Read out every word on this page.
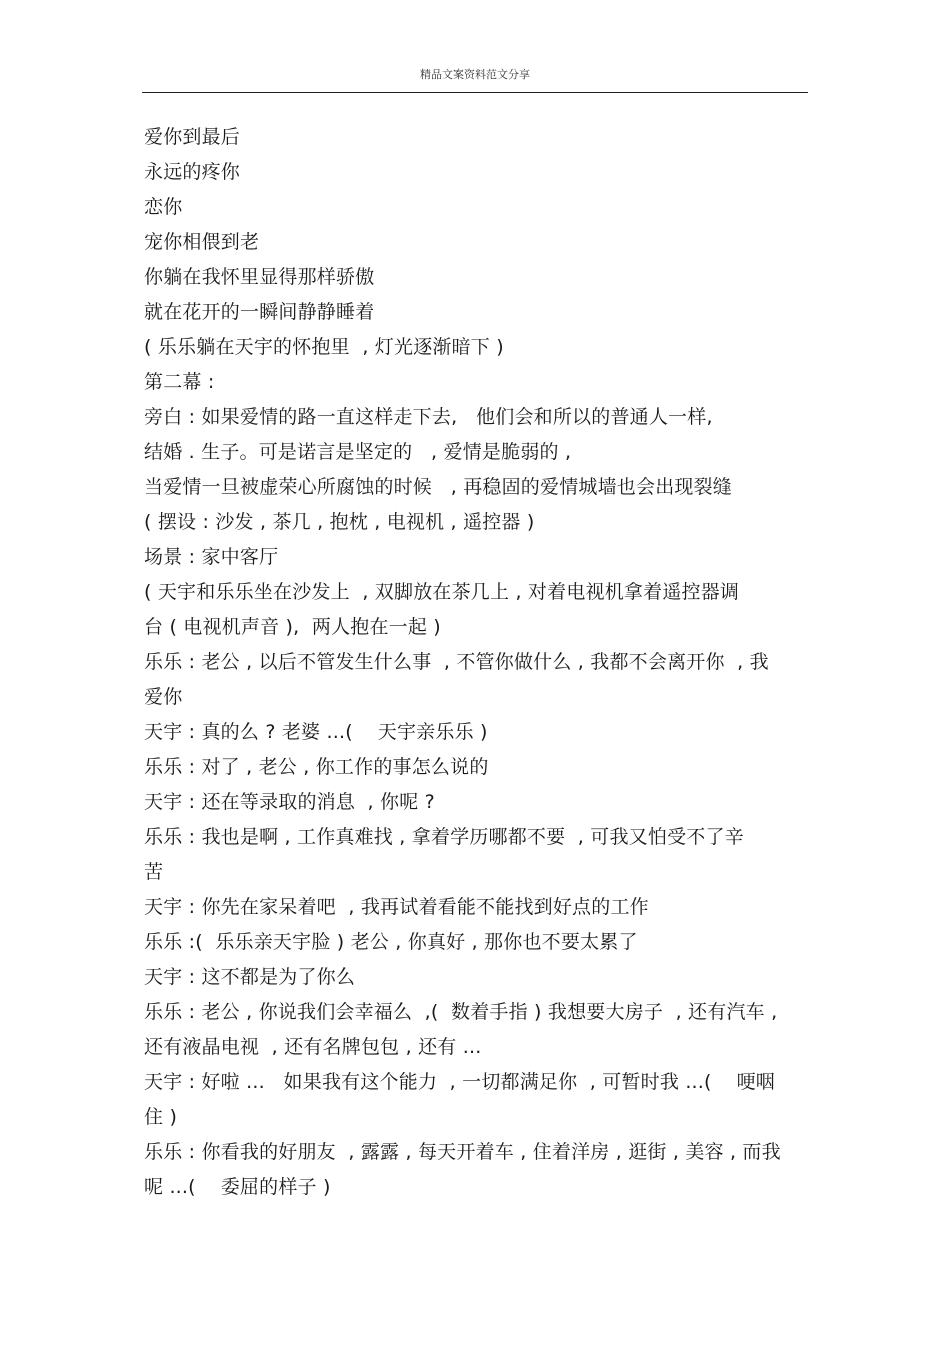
精品文案资料范文分享
爱你到最后
永远的疼你
恋你
宠你相偎到老
你躺在我怀里显得那样骄傲
就在花开的一瞬间静静睡着
( 乐乐躺在天宇的怀抱里  , 灯光逐渐暗下 )
第二幕 :
旁白 : 如果爱情的路一直这样走下去,   他们会和所以的普通人一样,
结婚 . 生子。可是诺言是坚定的   , 爱情是脆弱的 ,
当爱情一旦被虚荣心所腐蚀的时候   , 再稳固的爱情城墙也会出现裂缝
( 摆设 : 沙发 , 茶几 , 抱枕 , 电视机 , 遥控器 )
场景 : 家中客厅
( 天宇和乐乐坐在沙发上  , 双脚放在茶几上 , 对着电视机拿着遥控器调
台 ( 电视机声音 ),  两人抱在一起 )
乐乐 : 老公 , 以后不管发生什么事  , 不管你做什么 , 我都不会离开你  , 我
爱你
天宇 : 真的么 ? 老婆 ...(    天宇亲乐乐 )
乐乐 : 对了 , 老公 , 你工作的事怎么说的
天宇 : 还在等录取的消息  , 你呢 ?
乐乐 : 我也是啊 , 工作真难找 , 拿着学历哪都不要  , 可我又怕受不了辛
苦
天宇 : 你先在家呆着吧  , 我再试着看能不能找到好点的工作
乐乐 :(  乐乐亲天宇脸 ) 老公 , 你真好 , 那你也不要太累了
天宇 : 这不都是为了你么
乐乐 : 老公 , 你说我们会幸福么  ,(  数着手指 ) 我想要大房子  , 还有汽车 ,
还有液晶电视  , 还有名牌包包 , 还有 ...
天宇 : 好啦 ...   如果我有这个能力  , 一切都满足你  , 可暂时我 ...(    哽咽
住 )
乐乐 : 你看我的好朋友  , 露露 , 每天开着车 , 住着洋房 , 逛街 , 美容 , 而我
呢 ...(    委屈的样子 )
